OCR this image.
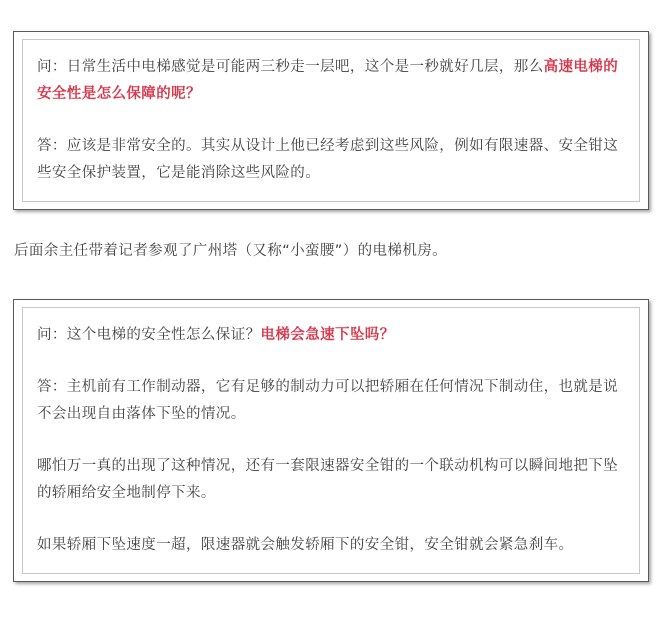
问：日常生活中电梯感觉是可能两三秒走一层吧，这个是一秒就好几层，那么高速电梯的安全性是怎么保障的呢？

答：应该是非常安全的。其实从设计上他已经考虑到这些风险，例如有限速器、安全钳这些安全保护装置，它是能消除这些风险的。

后面余主任带着记者参观了广州塔（又称“小蛮腰”）的电梯机房。

问：这个电梯的安全性怎么保证？电梯会急速下坠吗？

答：主机前有工作制动器，它有足够的制动力可以把轿厢在任何情况下制动住，也就是说不会出现自由落体下坠的情况。

哪怕万一真的出现了这种情况，还有一套限速器安全钳的一个联动机构可以瞬间地把下坠的轿厢给安全地制停下来。

如果轿厢下坠速度一超，限速器就会触发轿厢下的安全钳，安全钳就会紧急刹车。
